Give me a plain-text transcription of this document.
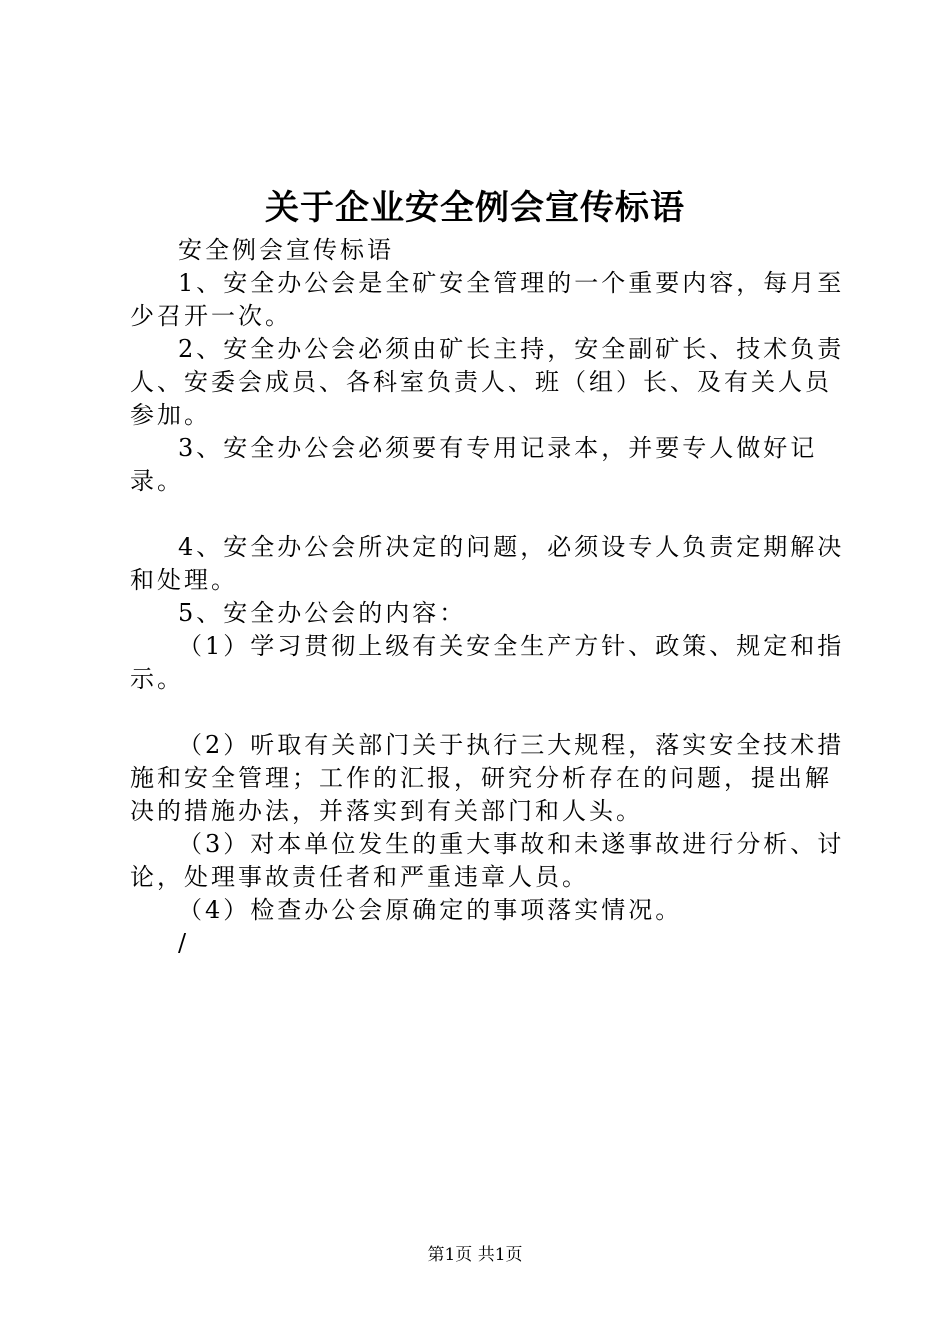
关于企业安全例会宣传标语

安全例会宣传标语

1、安全办公会是全矿安全管理的一个重要内容，每月至少召开一次。

2、安全办公会必须由矿长主持，安全副矿长、技术负责人、安委会成员、各科室负责人、班（组）长、及有关人员参加。

3、安全办公会必须要有专用记录本，并要专人做好记录。

4、安全办公会所决定的问题，必须设专人负责定期解决和处理。

5、安全办公会的内容：

（1）学习贯彻上级有关安全生产方针、政策、规定和指示。

（2）听取有关部门关于执行三大规程，落实安全技术措施和安全管理；工作的汇报，研究分析存在的问题，提出解决的措施办法，并落实到有关部门和人头。

（3）对本单位发生的重大事故和未遂事故进行分析、讨论，处理事故责任者和严重违章人员。

（4）检查办公会原确定的事项落实情况。

/

第1页 共1页
